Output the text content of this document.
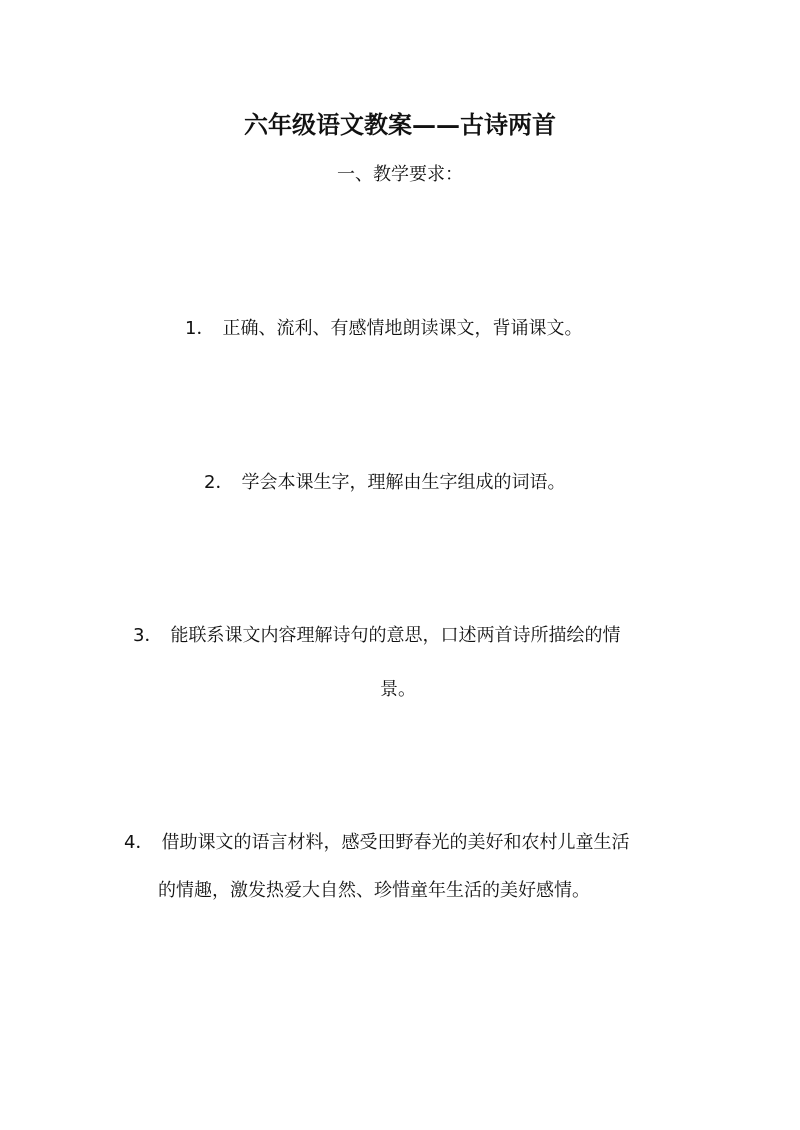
六年级语文教案——古诗两首

一、教学要求：

1． 正确、流利、有感情地朗读课文，背诵课文。

2． 学会本课生字，理解由生字组成的词语。

3． 能联系课文内容理解诗句的意思，口述两首诗所描绘的情

景。

4． 借助课文的语言材料，感受田野春光的美好和农村儿童生活

的情趣，激发热爱大自然、珍惜童年生活的美好感情。
